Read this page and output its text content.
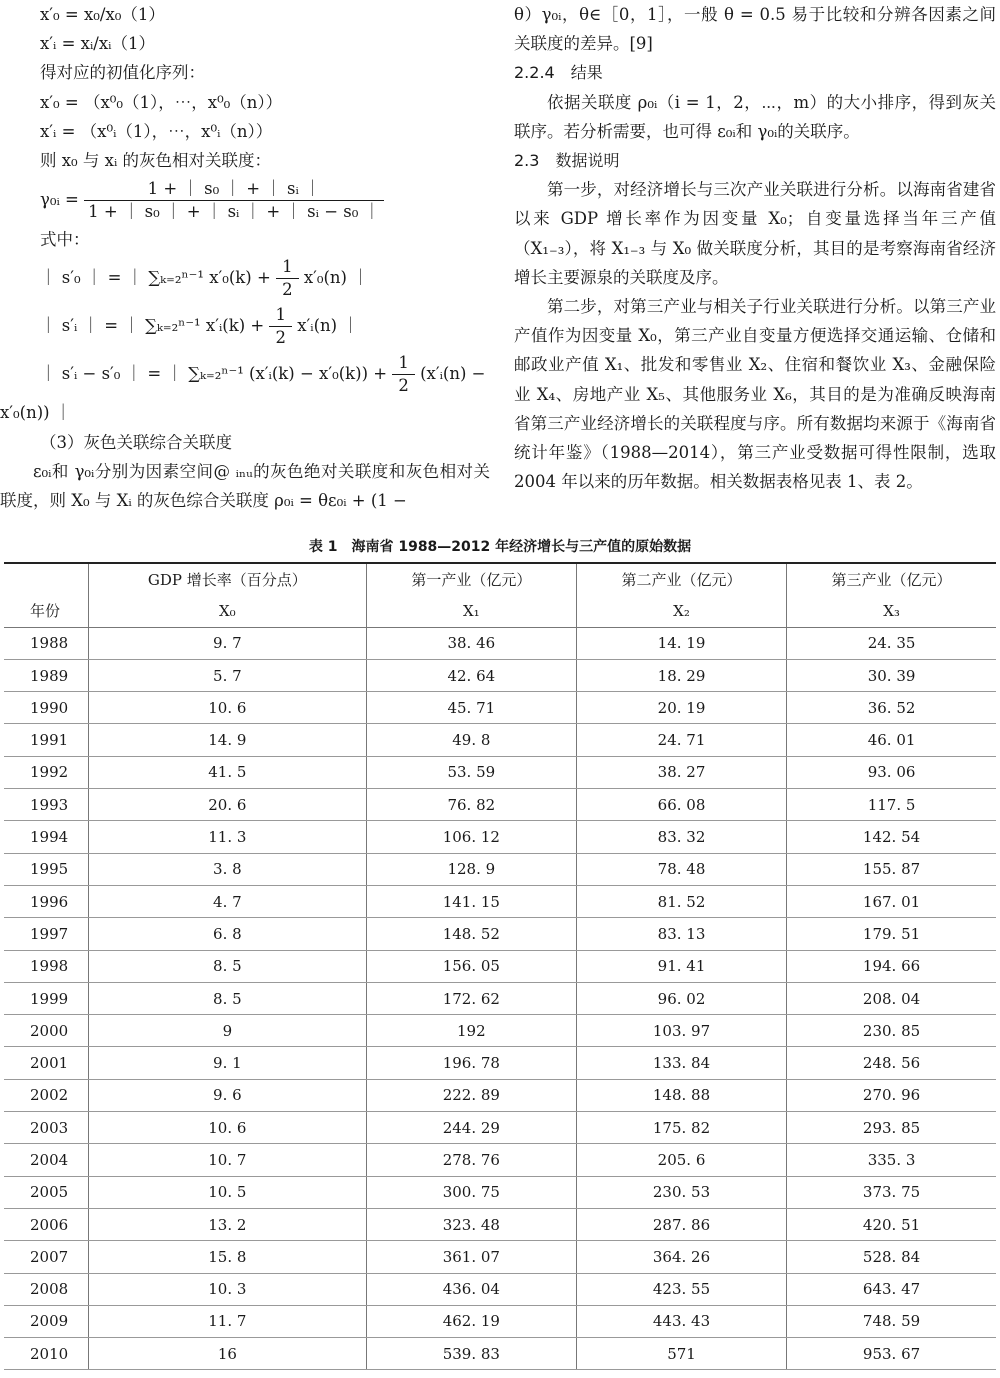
x′₀ = x₀/x₀（1）
x′ᵢ = xᵢ/xᵢ（1）
得对应的初值化序列：
x′₀ = （x⁰₀（1），⋯，x⁰₀（n））
x′ᵢ = （x⁰ᵢ（1），⋯，x⁰ᵢ（n））
则 x₀ 与 xᵢ 的灰色相对关联度：
γ₀ᵢ = $\frac{\text{1 + ｜ s₀ ｜ + ｜ sᵢ ｜}}{\text{1 + ｜ s₀ ｜ + ｜ sᵢ ｜ + ｜ sᵢ − s₀ ｜}}$
式中：
｜ s′₀ ｜ = ｜ ∑ₖ₌₂ⁿ⁻¹ $x'_0(k) + \frac{1}{2} x'_0(n)$ ｜
｜ s′ᵢ ｜ = ｜ ∑ₖ₌₂ⁿ⁻¹ x′ᵢ(k) + $\frac{1}{2}$ x′ᵢ(n) ｜
｜ s′ᵢ − s′₀ ｜ = ｜ ∑ₖ₌₂ⁿ⁻¹ (x′ᵢ(k) − $x'_0(k)) + \frac{1}{2}$ (x′ᵢ(n) −
x′₀(n)) ｜
（3）灰色关联综合关联度

ε₀ᵢ和 γ₀ᵢ分别为因素空间@ ᵢₙᵤ的灰色绝对关联度和灰色相对关联度，则 X₀ 与 Xᵢ 的灰色综合关联度 ρ₀ᵢ = θε₀ᵢ + (1 −

θ）γ₀ᵢ，θ∈［0，1］，一般 θ = 0.5 易于比较和分辨各因素之间关联度的差异。[9]

2.2.4　结果

依据关联度 ρ₀ᵢ（i = 1，2，⋯，m）的大小排序，得到灰关联序。若分析需要，也可得 ε₀ᵢ和 γ₀ᵢ的关联序。

2.3　数据说明

第一步，对经济增长与三次产业关联进行分析。以海南省建省以来 GDP 增长率作为因变量 X₀；自变量选择当年三产值（X₁₋₃），将 X₁₋₃ 与 X₀ 做关联度分析，其目的是考察海南省经济增长主要源泉的关联度及序。

第二步，对第三产业与相关子行业关联进行分析。以第三产业产值作为因变量 X₀，第三产业自变量方便选择交通运输、仓储和邮政业产值 X₁、批发和零售业 X₂、住宿和餐饮业 X₃、金融保险业 X₄、房地产业 X₅、其他服务业 X₆，其目的是为准确反映海南省第三产业经济增长的关联程度与序。所有数据均来源于《海南省统计年鉴》（1988—2014），第三产业受数据可得性限制，选取 2004 年以来的历年数据。相关数据表格见表 1、表 2。

表 1　海南省 1988—2012 年经济增长与三产值的原始数据
	GDP 增长率（百分点）	第一产业（亿元）	第二产业（亿元）	第三产业（亿元）
年份	X₀	X₁	X₂	X₃
1988	9. 7	38. 46	14. 19	24. 35
1989	5. 7	42. 64	18. 29	30. 39
1990	10. 6	45. 71	20. 19	36. 52
1991	14. 9	49. 8	24. 71	46. 01
1992	41. 5	53. 59	38. 27	93. 06
1993	20. 6	76. 82	66. 08	117. 5
1994	11. 3	106. 12	83. 32	142. 54
1995	3. 8	128. 9	78. 48	155. 87
1996	4. 7	141. 15	81. 52	167. 01
1997	6. 8	148. 52	83. 13	179. 51
1998	8. 5	156. 05	91. 41	194. 66
1999	8. 5	172. 62	96. 02	208. 04
2000	9	192	103. 97	230. 85
2001	9. 1	196. 78	133. 84	248. 56
2002	9. 6	222. 89	148. 88	270. 96
2003	10. 6	244. 29	175. 82	293. 85
2004	10. 7	278. 76	205. 6	335. 3
2005	10. 5	300. 75	230. 53	373. 75
2006	13. 2	323. 48	287. 86	420. 51
2007	15. 8	361. 07	364. 26	528. 84
2008	10. 3	436. 04	423. 55	643. 47
2009	11. 7	462. 19	443. 43	748. 59
2010	16	539. 83	571	953. 67
